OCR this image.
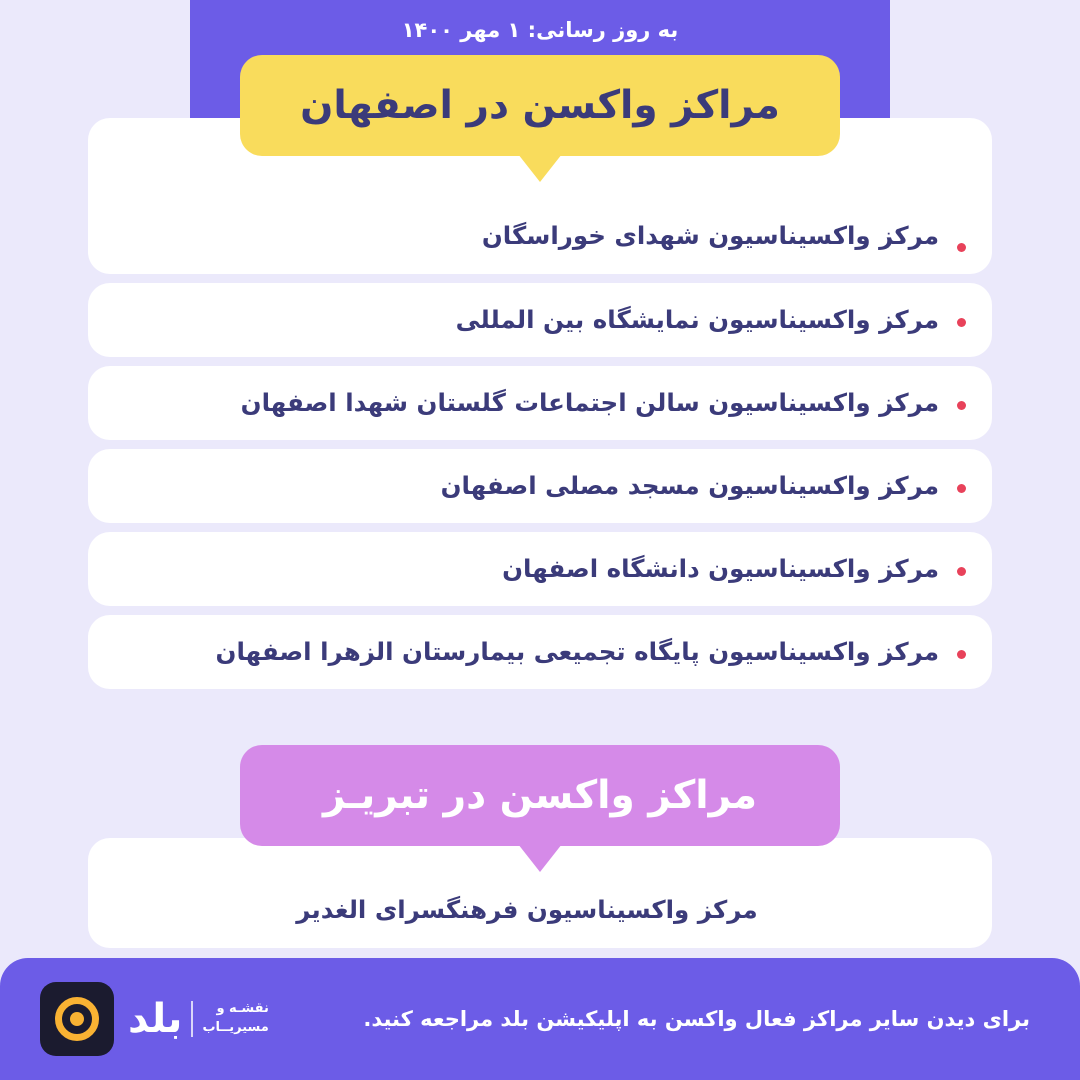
به روز رسانی: ۱ مهر ۱۴۰۰
مراکز واکسن در اصفهان
مرکز واکسیناسیون شهدای خوراسگان
مرکز واکسیناسیون نمایشگاه بین المللی
مرکز واکسیناسیون سالن اجتماعات گلستان شهدا اصفهان
مرکز واکسیناسیون مسجد مصلی اصفهان
مرکز واکسیناسیون دانشگاه اصفهان
مرکز واکسیناسیون پایگاه تجمیعی بیمارستان الزهرا اصفهان
مراکز واکسن در تبریـز
مرکز واکسیناسیون فرهنگسرای الغدیر
برای دیدن سایر مراکز فعال واکسن به اپلیکیشن بلد مراجعه کنید.
نقشـه و
مسیریــاب
بلد
